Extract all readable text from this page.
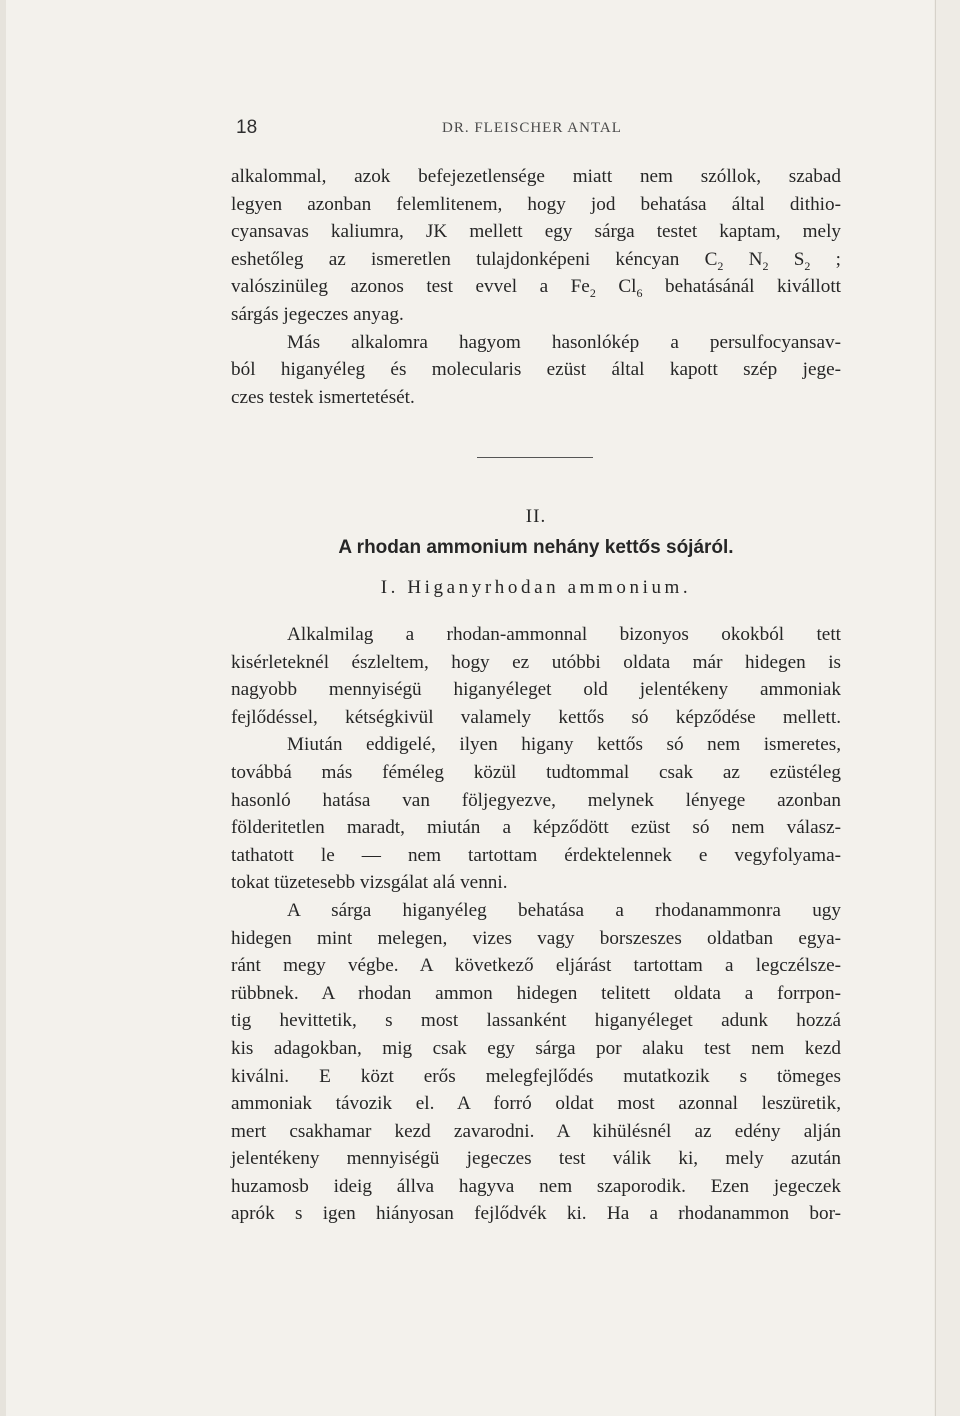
18	DR. FLEISCHER ANTAL
alkalommal, azok befejezetlensége miatt nem szóllok, szabad
legyen azonban felemlitenem, hogy jod behatása által dithio-
cyansavas kaliumra, JK mellett egy sárga testet kaptam, mely
eshetőleg az ismeretlen tulajdonképeni kéncyan $C_2$ $N_2$ $S_2$ ;
valószinüleg azonos test evvel a $Fe_2$ $Cl_6$ behatásánál kivállott
sárgás jegeczes anyag.
Más alkalomra hagyom hasonlókép a persulfocyansav-
ból higanyéleg és molecularis ezüst által kapott szép jege-
czes testek ismertetését.
II.
A rhodan ammonium nehány kettős sójáról.
I. Higanyrhodan ammonium.
Alkalmilag a rhodan-ammonnal bizonyos okokból tett
kisérleteknél észleltem, hogy ez utóbbi oldata már hidegen is
nagyobb mennyiségü higanyéleget old jelentékeny ammoniak
fejlődéssel, kétségkivül valamely kettős só képződése mellett.
Miután eddigelé, ilyen higany kettős só nem ismeretes,
továbbá más féméleg közül tudtommal csak az ezüstéleg
hasonló hatása van följegyezve, melynek lényege azonban
földeritetlen maradt, miután a képződött ezüst só nem válasz-
tathatott le — nem tartottam érdektelennek e vegyfolyama-
tokat tüzetesebb vizsgálat alá venni.
A sárga higanyéleg behatása a rhodanammonra ugy
hidegen mint melegen, vizes vagy borszeszes oldatban egya-
ránt megy végbe. A következő eljárást tartottam a legczélsze-
rübbnek. A rhodan ammon hidegen telitett oldata a forrpon-
tig hevittetik, s most lassanként higanyéleget adunk hozzá
kis adagokban, mig csak egy sárga por alaku test nem kezd
kiválni. E közt erős melegfejlődés mutatkozik s tömeges
ammoniak távozik el. A forró oldat most azonnal leszüretik,
mert csakhamar kezd zavarodni. A kihülésnél az edény alján
jelentékeny mennyiségü jegeczes test válik ki, mely azután
huzamosb ideig állva hagyva nem szaporodik. Ezen jegeczek
aprók s igen hiányosan fejlődvék ki. Ha a rhodanammon bor-
